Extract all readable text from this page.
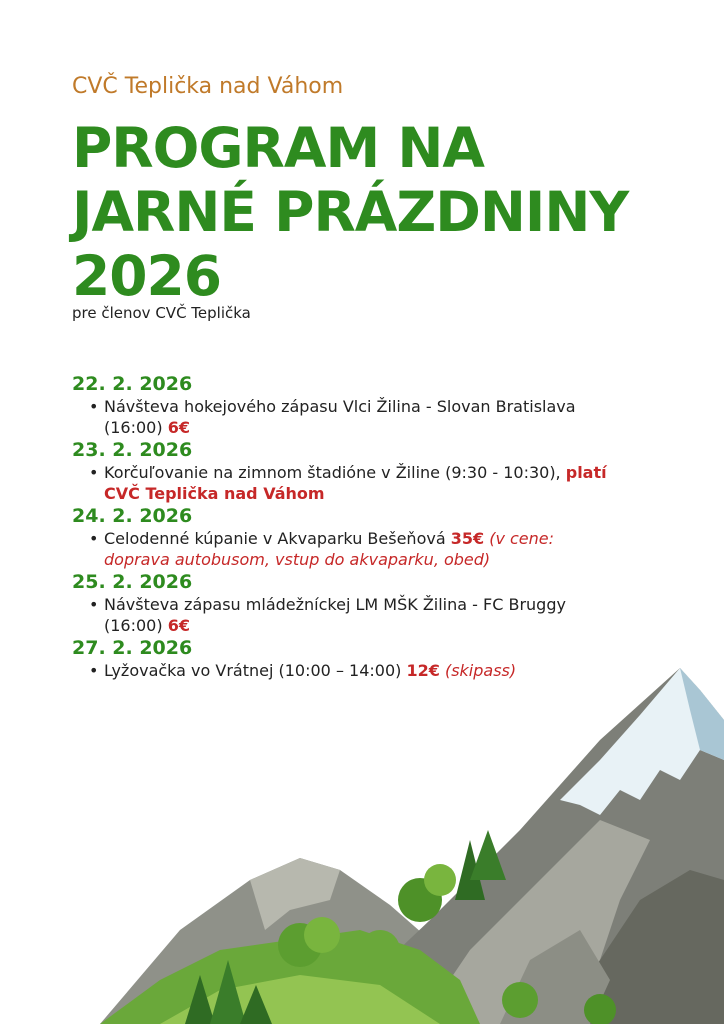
CVČ Teplička nad Váhom
PROGRAM NA
JARNÉ PRÁZDNINY
2026
pre členov CVČ Teplička
22. 2. 2026
• Návšteva hokejového zápasu Vlci Žilina - Slovan Bratislava
(16:00) 6€
23. 2. 2026
• Korčuľovanie na zimnom štadióne v Žiline (9:30 - 10:30), platí
CVČ Teplička nad Váhom
24. 2. 2026
• Celodenné kúpanie v Akvaparku Bešeňová 35€ (v cene:
doprava autobusom, vstup do akvaparku, obed)
25. 2. 2026
• Návšteva zápasu mládežníckej LM MŠK Žilina - FC Bruggy
(16:00) 6€
27. 2. 2026
• Lyžovačka vo Vrátnej (10:00 – 14:00) 12€ (skipass)
